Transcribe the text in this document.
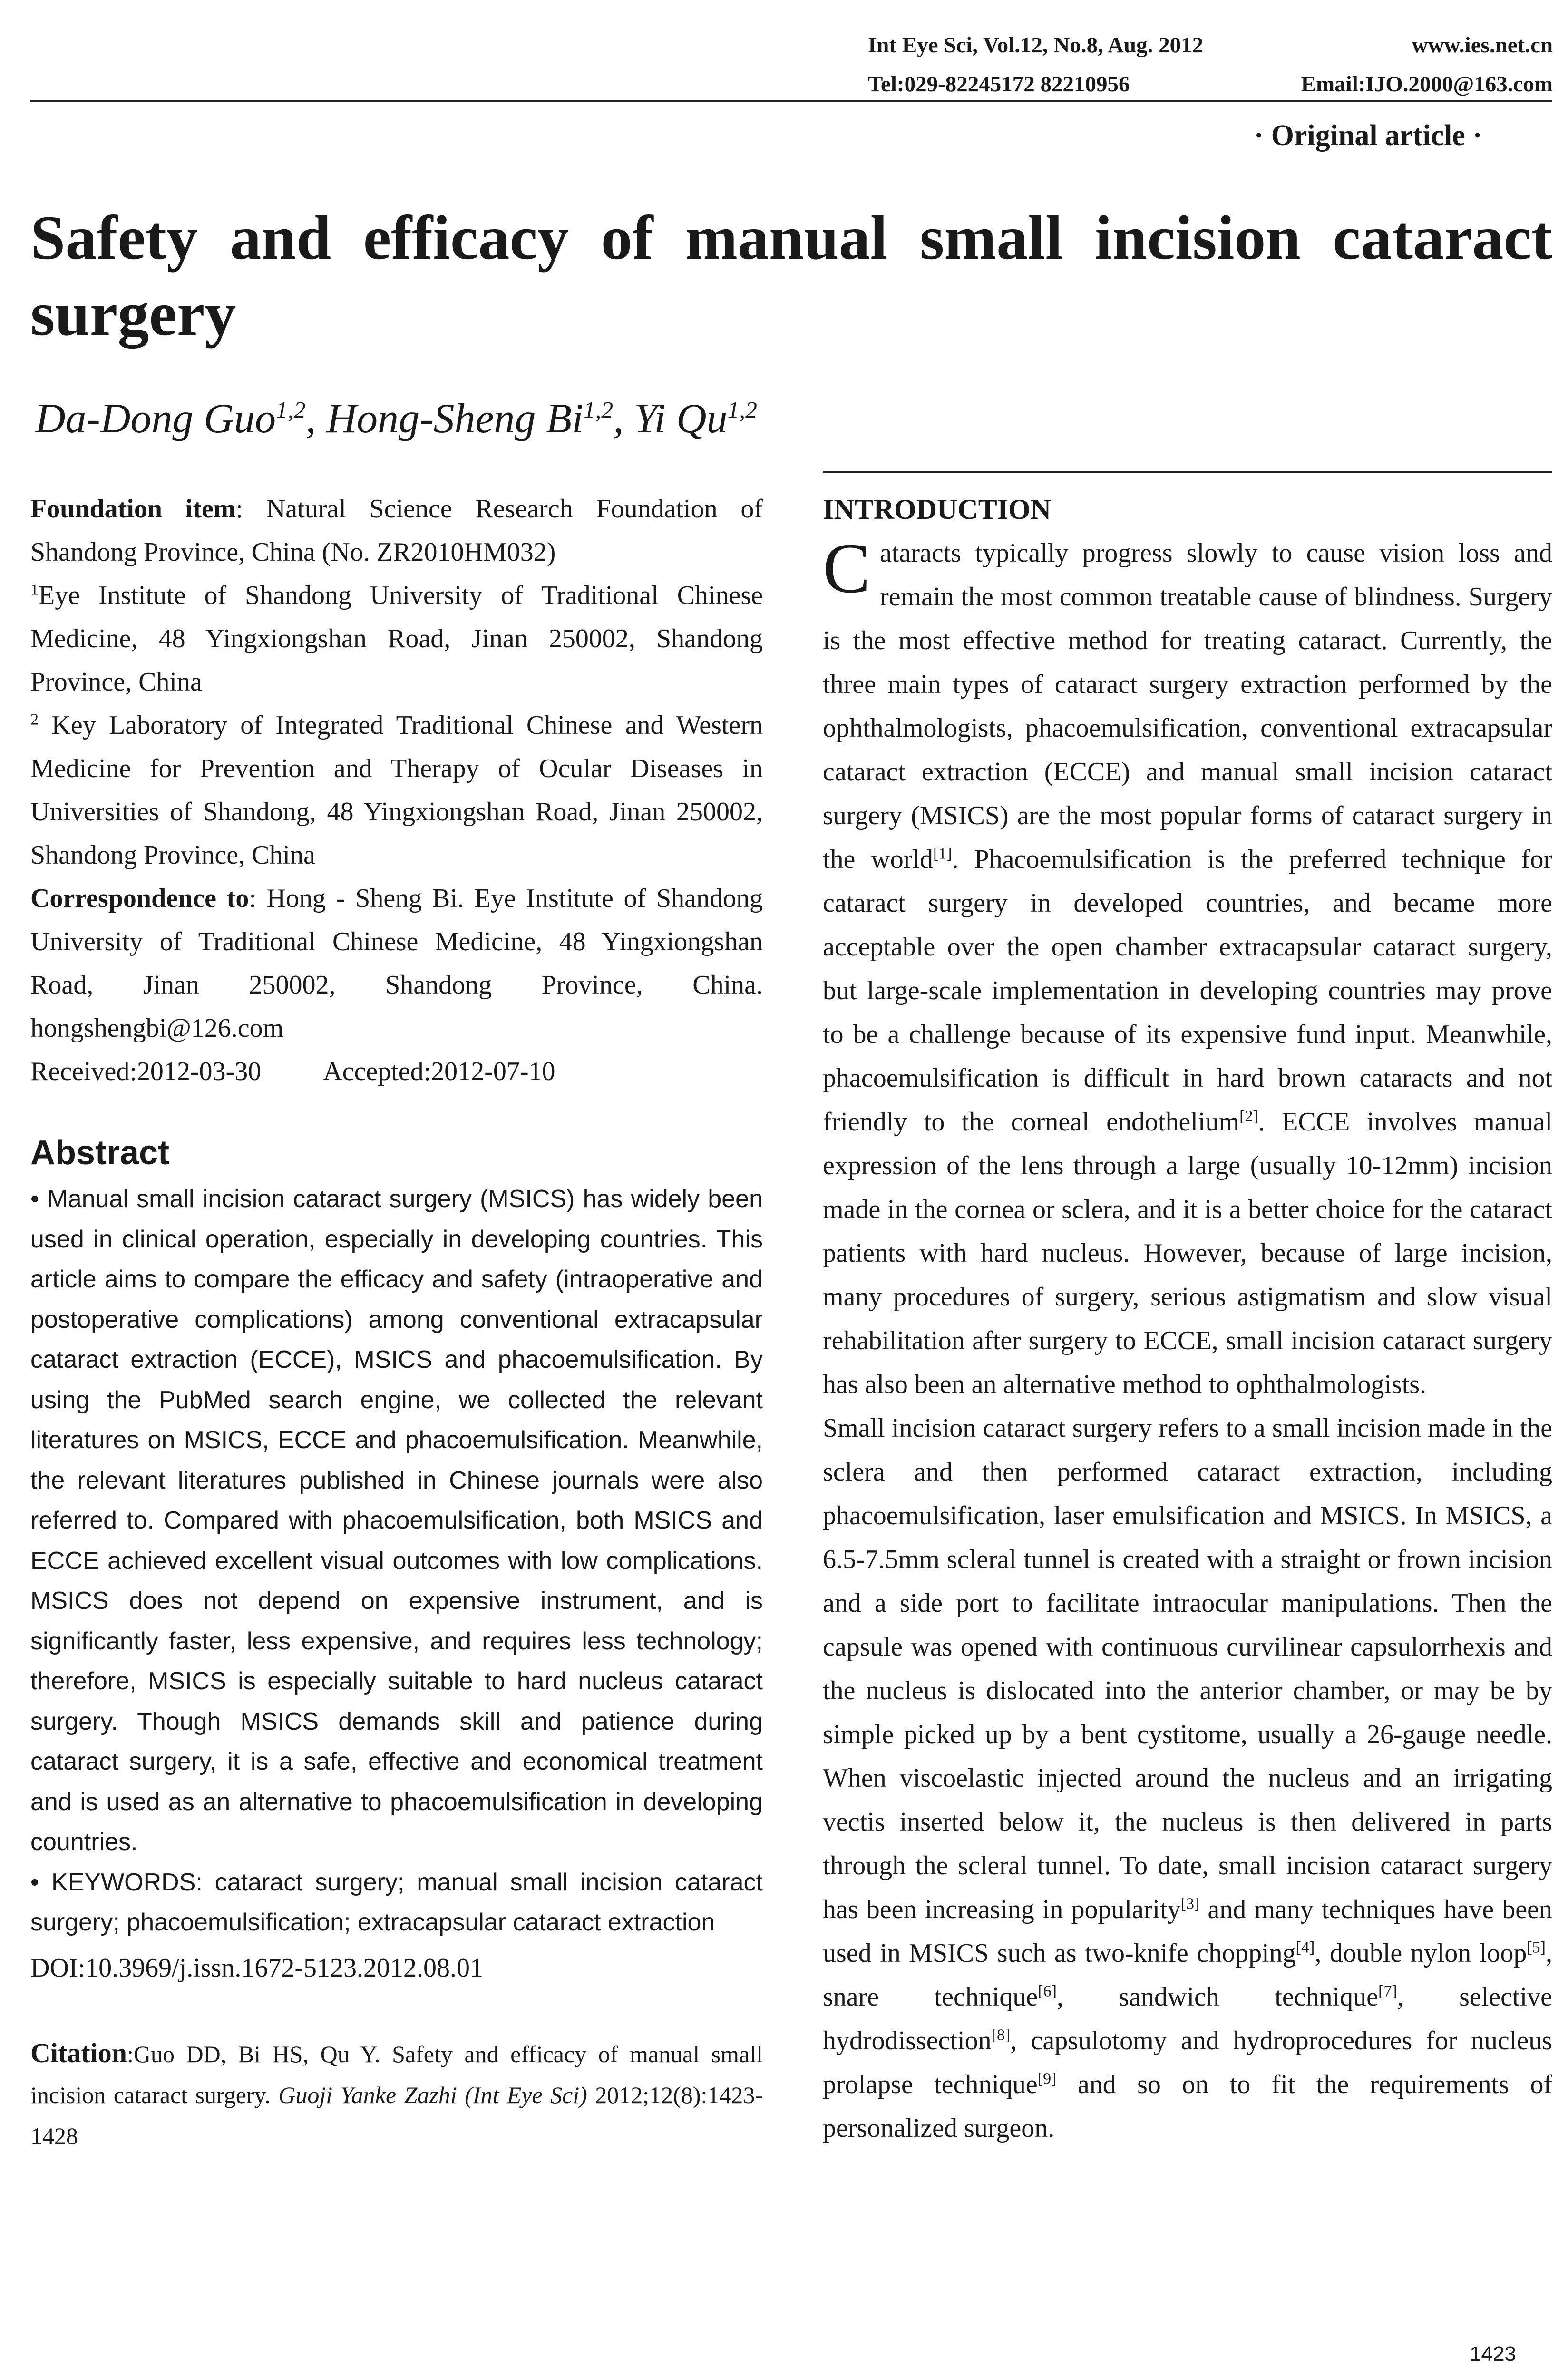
Int Eye Sci, Vol.12, No.8, Aug. 2012	www.ies.net.cn
Tel:029-82245172 82210956	Email:IJO.2000@163.com
· Original article ·
Safety and efficacy of manual small incision cataract surgery
Da-Dong Guo$^{1,2}$, Hong-Sheng Bi$^{1,2}$, Yi Qu$^{1,2}$

Foundation item: Natural Science Research Foundation of Shandong Province, China (No. ZR2010HM032)

$^1$Eye Institute of Shandong University of Traditional Chinese Medicine, 48 Yingxiongshan Road, Jinan 250002, Shandong Province, China

$^2$ Key Laboratory of Integrated Traditional Chinese and Western Medicine for Prevention and Therapy of Ocular Diseases in Universities of Shandong, 48 Yingxiongshan Road, Jinan 250002, Shandong Province, China

Correspondence to: Hong - Sheng Bi. Eye Institute of Shandong University of Traditional Chinese Medicine, 48 Yingxiongshan Road, Jinan 250002, Shandong Province, China. hongshengbi@126.com

Received:2012-03-30 Accepted:2012-07-10

Abstract

• Manual small incision cataract surgery (MSICS) has widely been used in clinical operation, especially in developing countries. This article aims to compare the efficacy and safety (intraoperative and postoperative complications) among conventional extracapsular cataract extraction (ECCE), MSICS and phacoemulsification. By using the PubMed search engine, we collected the relevant literatures on MSICS, ECCE and phacoemulsification. Meanwhile, the relevant literatures published in Chinese journals were also referred to. Compared with phacoemulsification, both MSICS and ECCE achieved excellent visual outcomes with low complications. MSICS does not depend on expensive instrument, and is significantly faster, less expensive, and requires less technology; therefore, MSICS is especially suitable to hard nucleus cataract surgery. Though MSICS demands skill and patience during cataract surgery, it is a safe, effective and economical treatment and is used as an alternative to phacoemulsification in developing countries.

• KEYWORDS: cataract surgery; manual small incision cataract surgery; phacoemulsification; extracapsular cataract extraction

DOI:10.3969/j.issn.1672-5123.2012.08.01

Citation:Guo DD, Bi HS, Qu Y. Safety and efficacy of manual small incision cataract surgery. Guoji Yanke Zazhi (Int Eye Sci) 2012;12(8):1423-1428

INTRODUCTION

Cataracts typically progress slowly to cause vision loss and remain the most common treatable cause of blindness. Surgery is the most effective method for treating cataract. Currently, the three main types of cataract surgery extraction performed by the ophthalmologists, phacoemulsification, conventional extracapsular cataract extraction (ECCE) and manual small incision cataract surgery (MSICS) are the most popular forms of cataract surgery in the world[1]. Phacoemulsification is the preferred technique for cataract surgery in developed countries, and became more acceptable over the open chamber extracapsular cataract surgery, but large-scale implementation in developing countries may prove to be a challenge because of its expensive fund input. Meanwhile, phacoemulsification is difficult in hard brown cataracts and not friendly to the corneal endothelium[2]. ECCE involves manual expression of the lens through a large (usually 10-12mm) incision made in the cornea or sclera, and it is a better choice for the cataract patients with hard nucleus. However, because of large incision, many procedures of surgery, serious astigmatism and slow visual rehabilitation after surgery to ECCE, small incision cataract surgery has also been an alternative method to ophthalmologists.

Small incision cataract surgery refers to a small incision made in the sclera and then performed cataract extraction, including phacoemulsification, laser emulsification and MSICS. In MSICS, a 6.5-7.5mm scleral tunnel is created with a straight or frown incision and a side port to facilitate intraocular manipulations. Then the capsule was opened with continuous curvilinear capsulorrhexis and the nucleus is dislocated into the anterior chamber, or may be by simple picked up by a bent cystitome, usually a 26-gauge needle. When viscoelastic injected around the nucleus and an irrigating vectis inserted below it, the nucleus is then delivered in parts through the scleral tunnel. To date, small incision cataract surgery has been increasing in popularity[3] and many techniques have been used in MSICS such as two-knife chopping[4], double nylon loop[5], snare technique[6], sandwich technique[7], selective hydrodissection[8], capsulotomy and hydroprocedures for nucleus prolapse technique[9] and so on to fit the requirements of personalized surgeon.

1423
